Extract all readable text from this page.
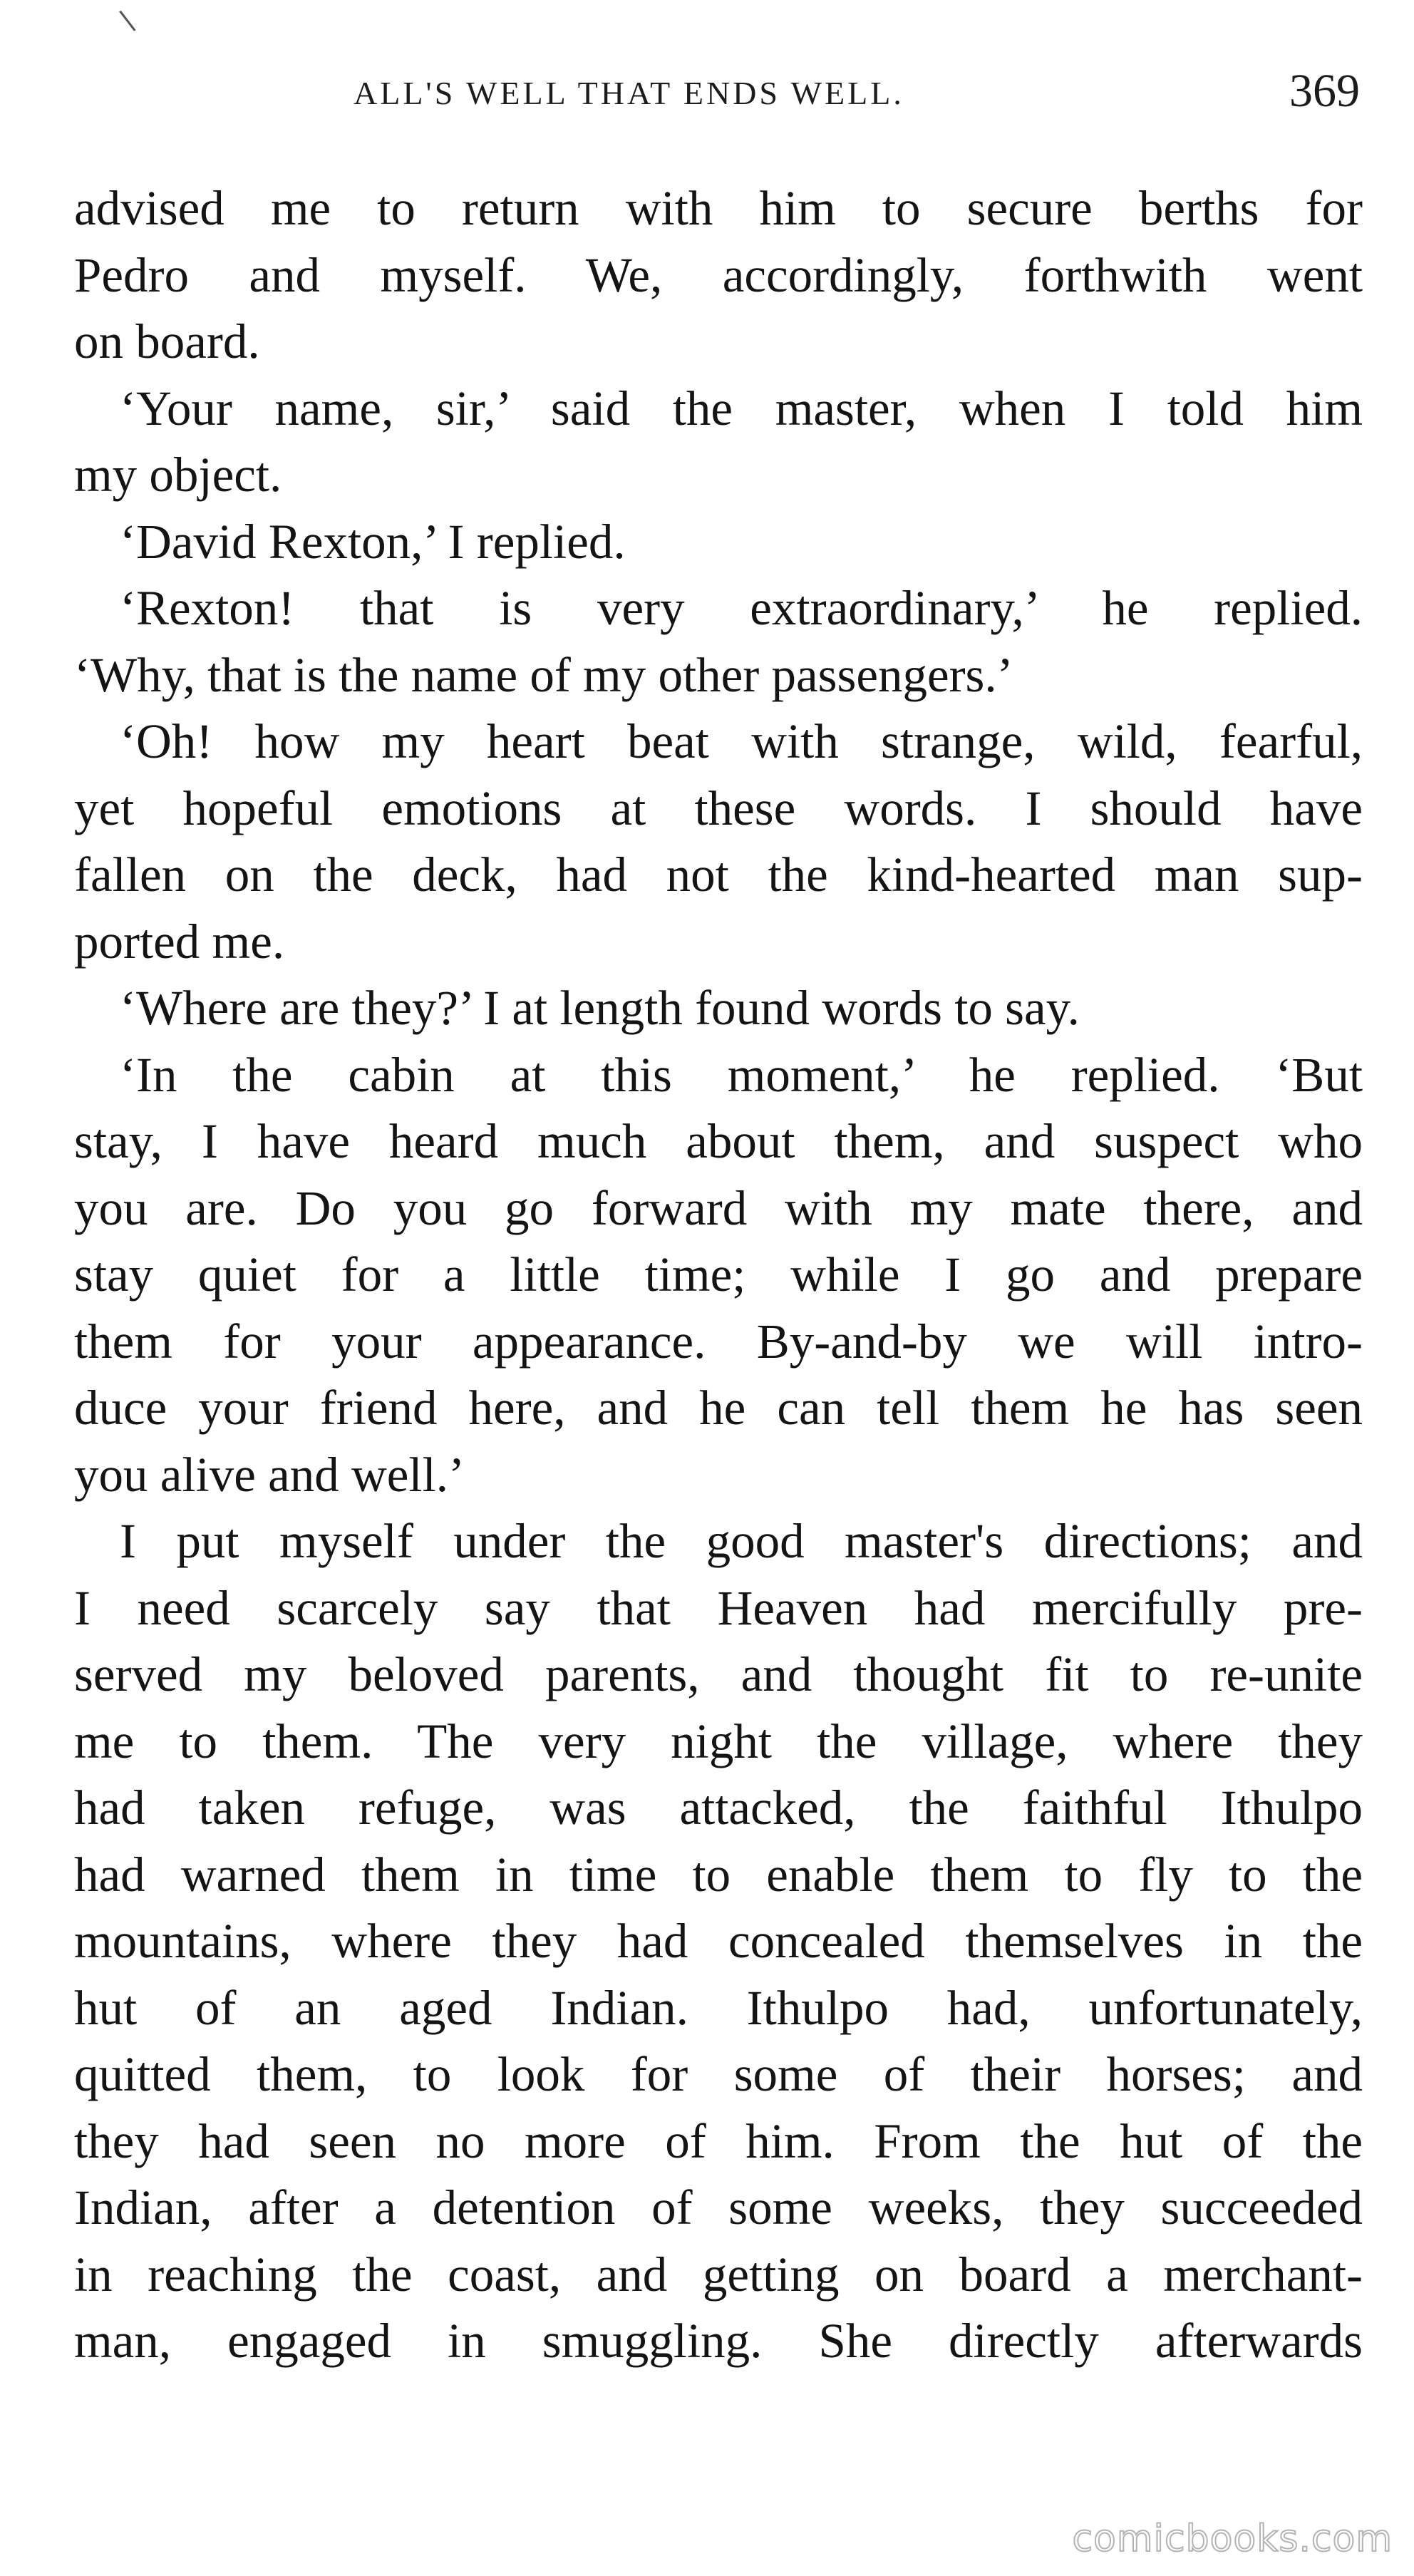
\
ALL'S WELL THAT ENDS WELL.	369
advised me to return with him to secure berths for
Pedro and myself. We, accordingly, forthwith went
on board.
‘Your name, sir,’ said the master, when I told him
my object.
‘David Rexton,’ I replied.
‘Rexton! that is very extraordinary,’ he replied.
‘Why, that is the name of my other passengers.’
‘Oh! how my heart beat with strange, wild, fearful,
yet hopeful emotions at these words. I should have
fallen on the deck, had not the kind-hearted man sup-
ported me.
‘Where are they?’ I at length found words to say.
‘In the cabin at this moment,’ he replied. ‘But
stay, I have heard much about them, and suspect who
you are. Do you go forward with my mate there, and
stay quiet for a little time; while I go and prepare
them for your appearance. By-and-by we will intro-
duce your friend here, and he can tell them he has seen
you alive and well.’
I put myself under the good master's directions; and
I need scarcely say that Heaven had mercifully pre-
served my beloved parents, and thought fit to re-unite
me to them. The very night the village, where they
had taken refuge, was attacked, the faithful Ithulpo
had warned them in time to enable them to fly to the
mountains, where they had concealed themselves in the
hut of an aged Indian. Ithulpo had, unfortunately,
quitted them, to look for some of their horses; and
they had seen no more of him. From the hut of the
Indian, after a detention of some weeks, they succeeded
in reaching the coast, and getting on board a merchant-
man, engaged in smuggling. She directly afterwards
comicbooks.com
